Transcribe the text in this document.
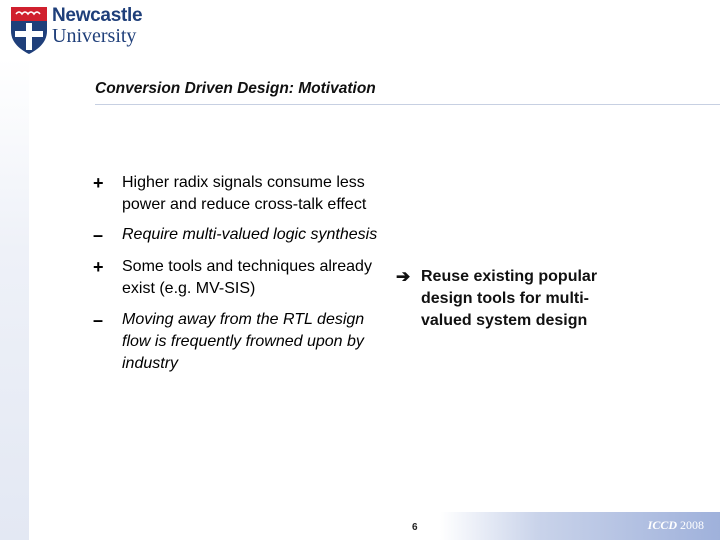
Newcastle
University
Conversion Driven Design: Motivation
+	Higher radix signals consume less power and reduce cross-talk effect
–	Require multi-valued logic synthesis
+	Some tools and techniques already exist (e.g. MV-SIS)
–	Moving away from the RTL design flow is frequently frowned upon by industry
➔ Reuse existing popular design tools for multi-valued system design
6	ICCD 2008
